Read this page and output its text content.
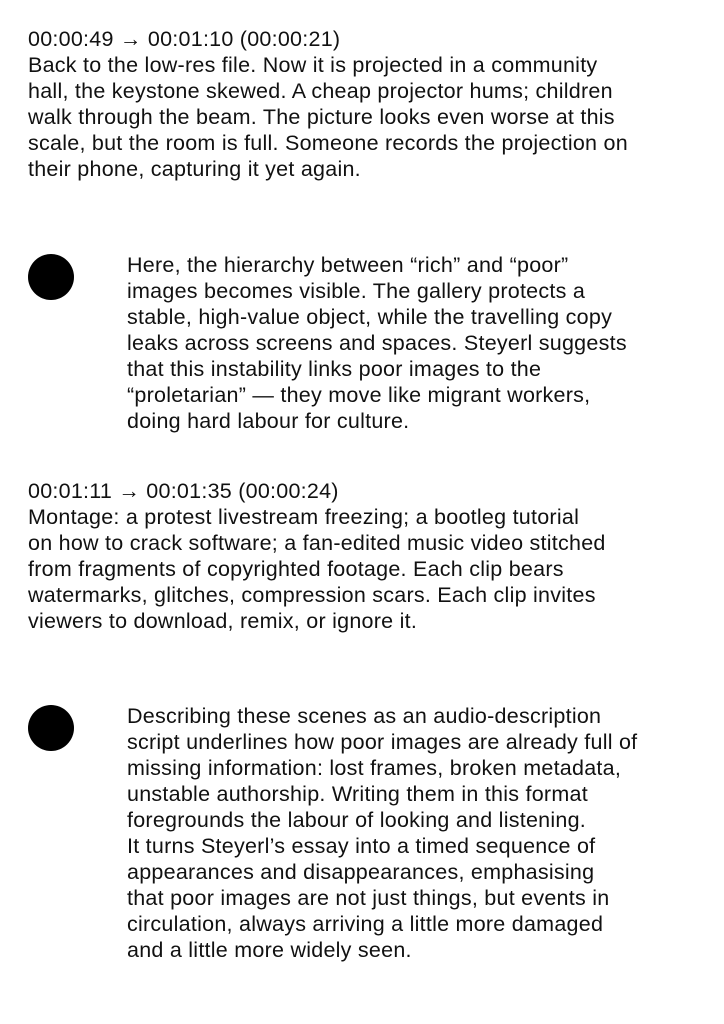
00:00:49 → 00:01:10 (00:00:21)

Back to the low-res file. Now it is projected in a community
hall, the keystone skewed. A cheap projector hums; children
walk through the beam. The picture looks even worse at this
scale, but the room is full. Someone records the projection on
their phone, capturing it yet again.

Here, the hierarchy between “rich” and “poor”
images becomes visible. The gallery protects a
stable, high-value object, while the travelling copy
leaks across screens and spaces. Steyerl suggests
that this instability links poor images to the
“proletarian” — they move like migrant workers,
doing hard labour for culture.

00:01:11 → 00:01:35 (00:00:24)

Montage: a protest livestream freezing; a bootleg tutorial
on how to crack software; a fan-edited music video stitched
from fragments of copyrighted footage. Each clip bears
watermarks, glitches, compression scars. Each clip invites
viewers to download, remix, or ignore it.

Describing these scenes as an audio-description
script underlines how poor images are already full of
missing information: lost frames, broken metadata,
unstable authorship. Writing them in this format
foregrounds the labour of looking and listening.
It turns Steyerl’s essay into a timed sequence of
appearances and disappearances, emphasising
that poor images are not just things, but events in
circulation, always arriving a little more damaged
and a little more widely seen.
